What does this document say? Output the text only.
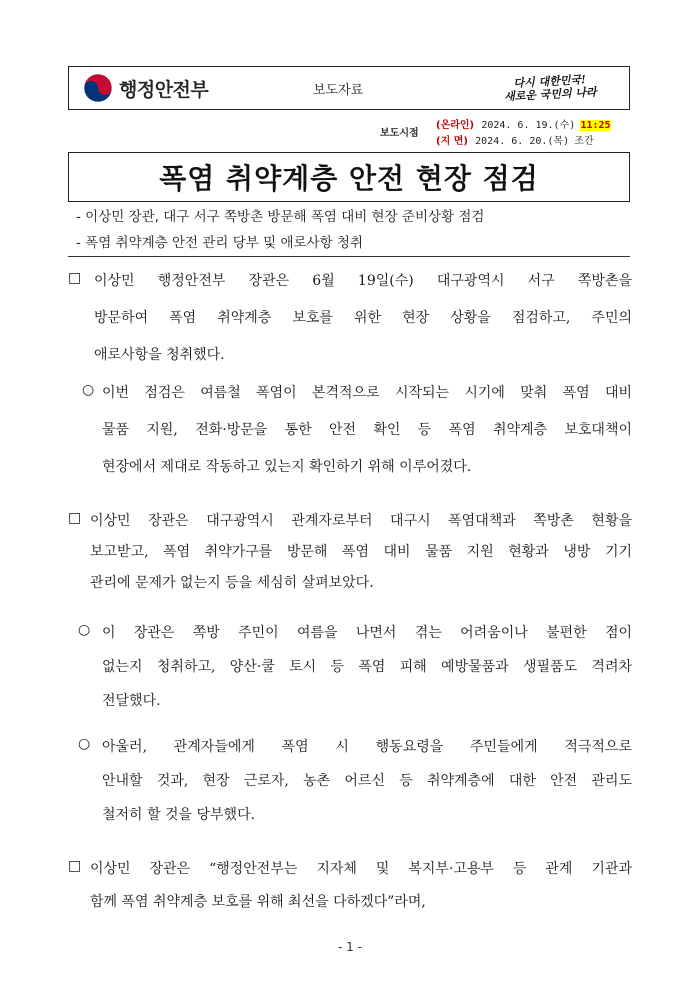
행정안전부	보도자료
다시 대한민국!
새로운 국민의 나라
보도시점
(온라인) 2024. 6. 19.(수) 11:25
(지 면) 2024. 6. 20.(목) 조간
폭염 취약계층 안전 현장 점검
- 이상민 장관, 대구 서구 쪽방촌 방문해 폭염 대비 현장 준비상황 점검
- 폭염 취약계층 안전 관리 당부 및 애로사항 청취
□ 이상민 행정안전부 장관은 6월 19일(수) 대구광역시 서구 쪽방촌을
방문하여 폭염 취약계층 보호를 위한 현장 상황을 점검하고, 주민의
애로사항을 청취했다.
○ 이번 점검은 여름철 폭염이 본격적으로 시작되는 시기에 맞춰 폭염 대비
물품 지원, 전화·방문을 통한 안전 확인 등 폭염 취약계층 보호대책이
현장에서 제대로 작동하고 있는지 확인하기 위해 이루어졌다.
□ 이상민 장관은 대구광역시 관계자로부터 대구시 폭염대책과 쪽방촌 현황을
보고받고, 폭염 취약가구를 방문해 폭염 대비 물품 지원 현황과 냉방 기기
관리에 문제가 없는지 등을 세심히 살펴보았다.
○ 이 장관은 쪽방 주민이 여름을 나면서 겪는 어려움이나 불편한 점이
없는지 청취하고, 양산·쿨 토시 등 폭염 피해 예방물품과 생필품도 격려차
전달했다.
○ 아울러, 관계자들에게 폭염 시 행동요령을 주민들에게 적극적으로
안내할 것과, 현장 근로자, 농촌 어르신 등 취약계층에 대한 안전 관리도
철저히 할 것을 당부했다.
□ 이상민 장관은 “행정안전부는 지자체 및 복지부·고용부 등 관계 기관과
함께 폭염 취약계층 보호를 위해 최선을 다하겠다”라며,
- 1 -
